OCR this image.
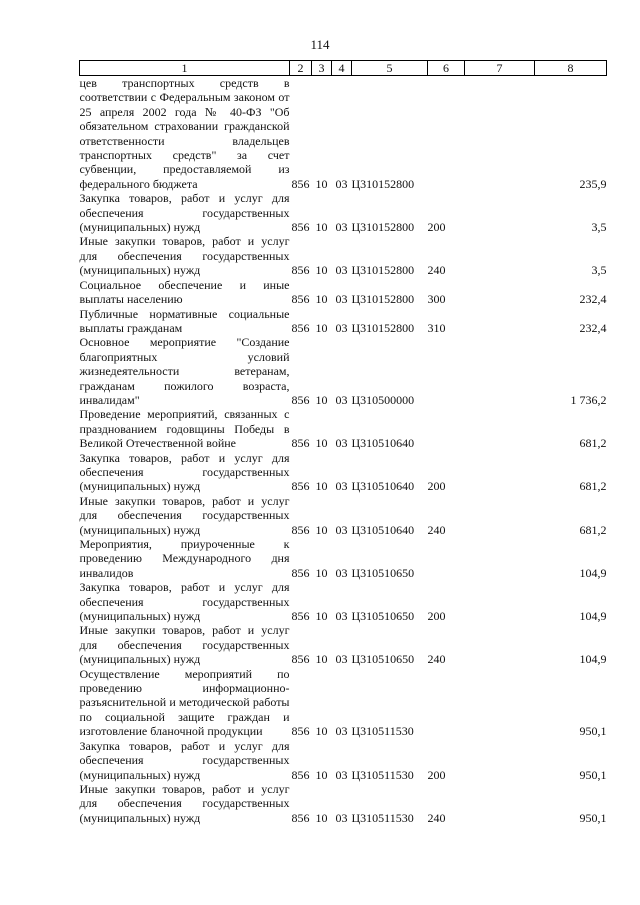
114
1	2	3	4	5	6	7	8
цев транспортных средств в соответствии с Федеральным законом от 25 апреля 2002 года № 40-ФЗ "Об обязательном страховании гражданской ответственности владельцев транспортных средств" за счет субвенции, предоставляемой из федерального бюджета	856	10	03	Ц310152800			235,9
Закупка товаров, работ и услуг для обеспечения государственных (муниципальных) нужд	856	10	03	Ц310152800	200		3,5
Иные закупки товаров, работ и услуг для обеспечения государственных (муниципальных) нужд	856	10	03	Ц310152800	240		3,5
Социальное обеспечение и иные выплаты населению	856	10	03	Ц310152800	300		232,4
Публичные нормативные социальные выплаты гражданам	856	10	03	Ц310152800	310		232,4
Основное мероприятие "Создание благоприятных условий жизнедеятельности ветеранам, гражданам пожилого возраста, инвалидам"	856	10	03	Ц310500000			1 736,2
Проведение мероприятий, связанных с празднованием годовщины Победы в Великой Отечественной войне	856	10	03	Ц310510640			681,2
Закупка товаров, работ и услуг для обеспечения государственных (муниципальных) нужд	856	10	03	Ц310510640	200		681,2
Иные закупки товаров, работ и услуг для обеспечения государственных (муниципальных) нужд	856	10	03	Ц310510640	240		681,2
Мероприятия, приуроченные к проведению Международного дня инвалидов	856	10	03	Ц310510650			104,9
Закупка товаров, работ и услуг для обеспечения государственных (муниципальных) нужд	856	10	03	Ц310510650	200		104,9
Иные закупки товаров, работ и услуг для обеспечения государственных (муниципальных) нужд	856	10	03	Ц310510650	240		104,9
Осуществление мероприятий по проведению информационно-разъяснительной и методической работы по социальной защите граждан и изготовление бланочной продукции	856	10	03	Ц310511530			950,1
Закупка товаров, работ и услуг для обеспечения государственных (муниципальных) нужд	856	10	03	Ц310511530	200		950,1
Иные закупки товаров, работ и услуг для обеспечения государственных (муниципальных) нужд	856	10	03	Ц310511530	240		950,1
